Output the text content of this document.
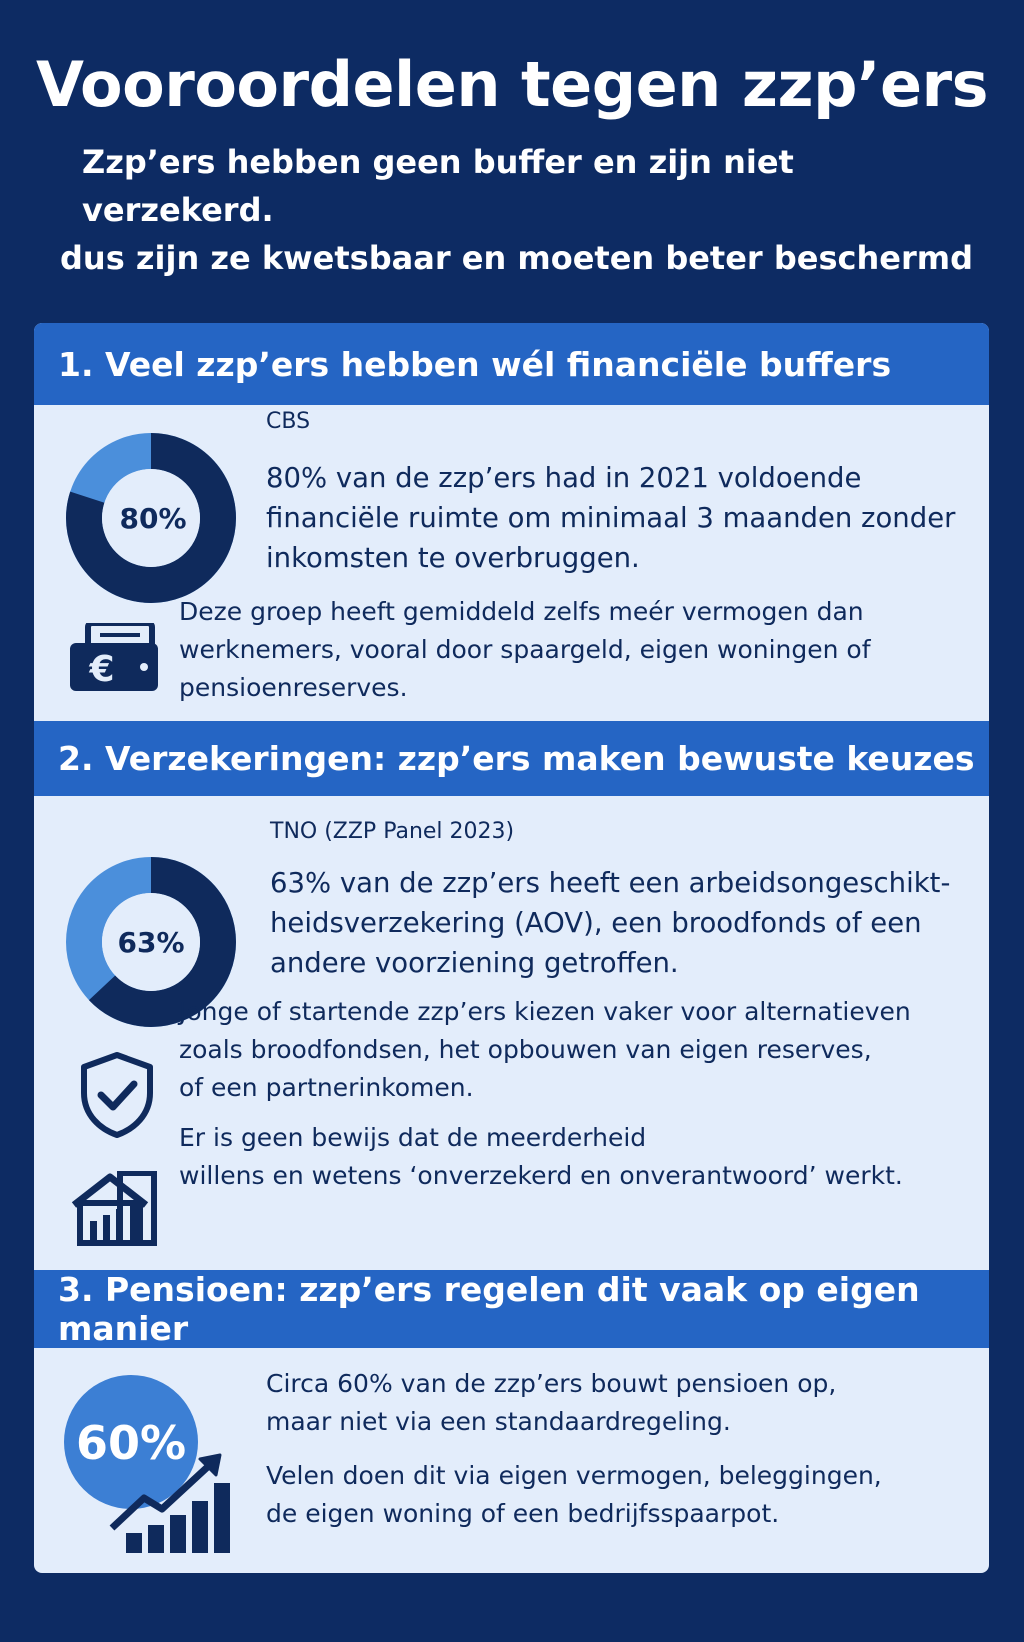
Vooroordelen tegen zzp’ers
Zzp’ers hebben geen buffer en zijn niet verzekerd.
dus zijn ze kwetsbaar en moeten beter beschermd
1. Veel zzp’ers hebben wél financiële buffers
80%
CBS
80% van de zzp’ers had in 2021 voldoende
financiële ruimte om minimaal 3 maanden zonder
inkomsten te overbruggen.
€
Deze groep heeft gemiddeld zelfs meér vermogen dan
werknemers, vooral door spaargeld, eigen woningen of
pensioenreserves.
2. Verzekeringen: zzp’ers maken bewuste keuzes
63%
TNO (ZZP Panel 2023)
63% van de zzp’ers heeft een arbeidsongeschikt-
heidsverzekering (AOV), een broodfonds of een
andere voorziening getroffen.
Jonge of startende zzp’ers kiezen vaker voor alternatieven
zoals broodfondsen, het opbouwen van eigen reserves,
of een partnerinkomen.
Er is geen bewijs dat de meerderheid
willens en wetens ‘onverzekerd en onverantwoord’ werkt.
3. Pensioen: zzp’ers regelen dit vaak op eigen manier
60%
Circa 60% van de zzp’ers bouwt pensioen op,
maar niet via een standaardregeling.
Velen doen dit via eigen vermogen, beleggingen,
de eigen woning of een bedrijfsspaarpot.
